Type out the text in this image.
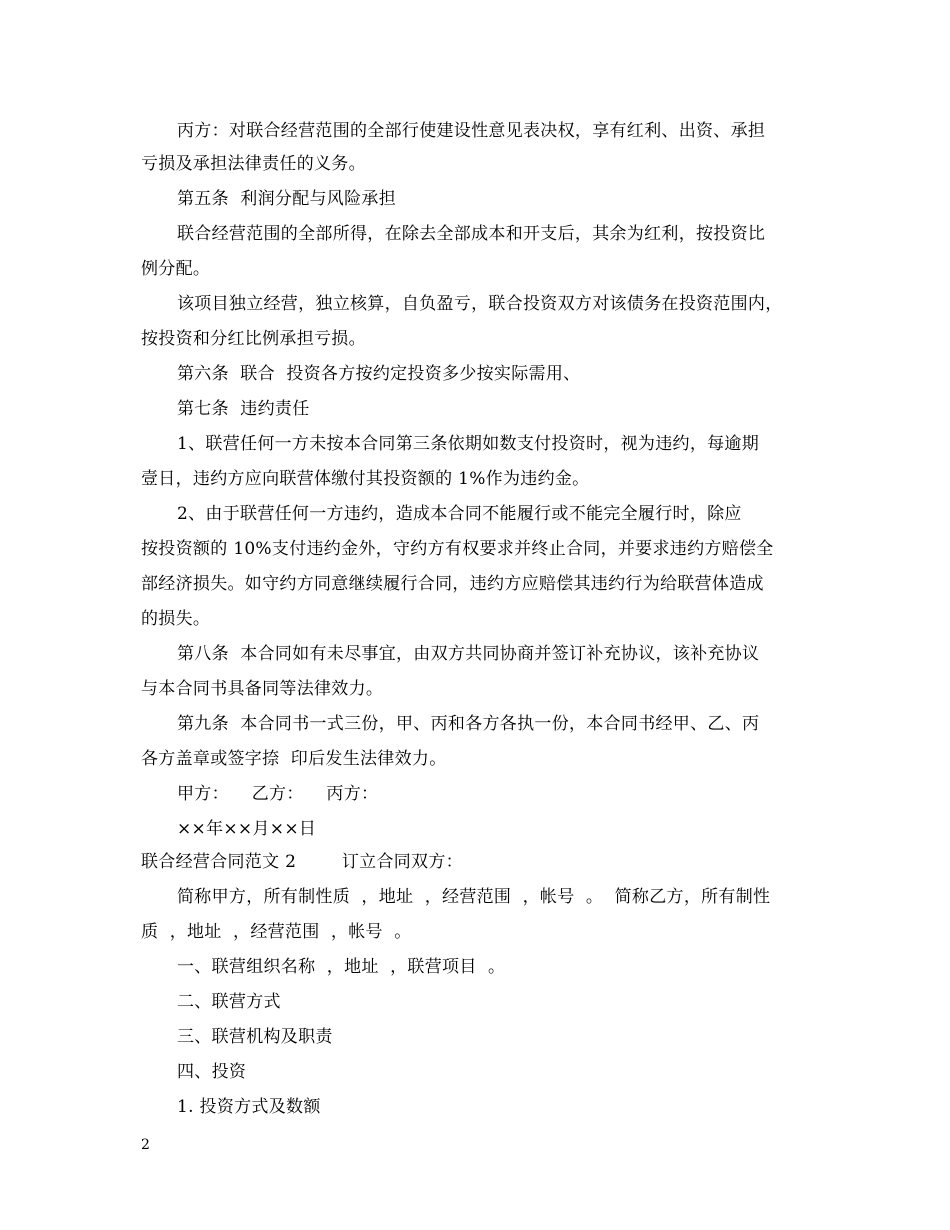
丙方：对联合经营范围的全部行使建设性意见表决权，享有红利、出资、承担
亏损及承担法律责任的义务。
第五条  利润分配与风险承担
联合经营范围的全部所得，在除去全部成本和开支后，其余为红利，按投资比
例分配。
该项目独立经营，独立核算，自负盈亏，联合投资双方对该债务在投资范围内，
按投资和分红比例承担亏损。
第六条  联合  投资各方按约定投资多少按实际需用、
第七条  违约责任
1、联营任何一方未按本合同第三条依期如数支付投资时，视为违约，每逾期
壹日，违约方应向联营体缴付其投资额的 1%作为违约金。
2、由于联营任何一方违约，造成本合同不能履行或不能完全履行时，除应
按投资额的 10%支付违约金外，守约方有权要求并终止合同，并要求违约方赔偿全
部经济损失。如守约方同意继续履行合同，违约方应赔偿其违约行为给联营体造成
的损失。
第八条  本合同如有未尽事宜，由双方共同协商并签订补充协议，该补充协议
与本合同书具备同等法律效力。
第九条  本合同书一式三份，甲、丙和各方各执一份，本合同书经甲、乙、丙
各方盖章或签字捺  印后发生法律效力。
甲方：    乙方：    丙方：
××年××月××日
联合经营合同范文 2        订立合同双方：
简称甲方，所有制性质  ，地址  ，经营范围  ，帐号  。  简称乙方，所有制性
质  ，地址  ，经营范围  ，帐号  。
一、联营组织名称  ，地址  ，联营项目  。
二、联营方式
三、联营机构及职责
四、投资
1. 投资方式及数额
2
